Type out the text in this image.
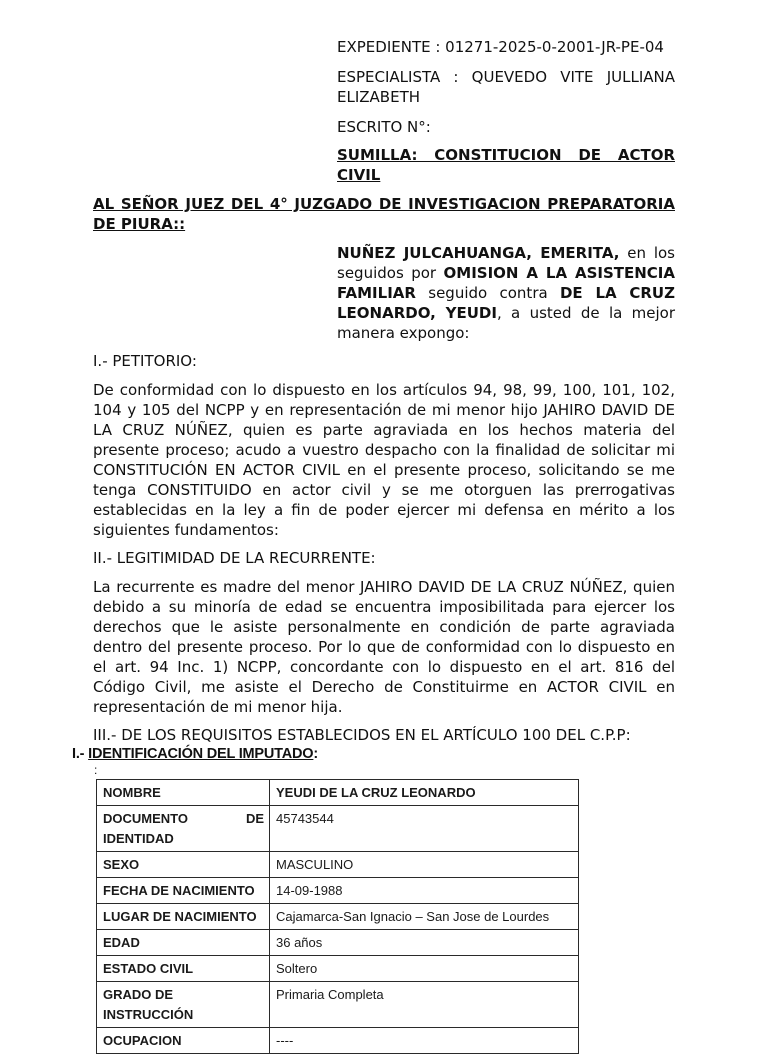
EXPEDIENTE : 01271-2025-0-2001-JR-PE-04
ESPECIALISTA : QUEVEDO VITE JULLIANA ELIZABETH
ESCRITO N°:
SUMILLA: CONSTITUCION DE ACTOR CIVIL
AL SEÑOR JUEZ DEL 4° JUZGADO DE INVESTIGACION PREPARATORIA DE PIURA::
NUÑEZ JULCAHUANGA, EMERITA, en los seguidos por OMISION A LA ASISTENCIA FAMILIAR seguido contra DE LA CRUZ LEONARDO, YEUDI, a usted de la mejor manera expongo:
I.- PETITORIO:
De conformidad con lo dispuesto en los artículos 94, 98, 99, 100, 101, 102, 104 y 105 del NCPP y en representación de mi menor hijo JAHIRO DAVID DE LA CRUZ NÚÑEZ, quien es parte agraviada en los hechos materia del presente proceso; acudo a vuestro despacho con la finalidad de solicitar mi CONSTITUCIÓN EN ACTOR CIVIL en el presente proceso, solicitando se me tenga CONSTITUIDO en actor civil y se me otorguen las prerrogativas establecidas en la ley a fin de poder ejercer mi defensa en mérito a los siguientes fundamentos:
II.- LEGITIMIDAD DE LA RECURRENTE:
La recurrente es madre del menor JAHIRO DAVID DE LA CRUZ NÚÑEZ, quien debido a su minoría de edad se encuentra imposibilitada para ejercer los derechos que le asiste personalmente en condición de parte agraviada dentro del presente proceso. Por lo que de conformidad con lo dispuesto en el art. 94 Inc. 1) NCPP, concordante con lo dispuesto en el art. 816 del Código Civil, me asiste el Derecho de Constituirme en ACTOR CIVIL en representación de mi menor hija.
III.- DE LOS REQUISITOS ESTABLECIDOS EN EL ARTÍCULO 100 DEL C.P.P:
I.- IDENTIFICACIÓN DEL IMPUTADO:
:
NOMBRE	YEUDI DE LA CRUZ LEONARDO

DOCUMENTO DE
IDENTIDAD	45743544
SEXO	MASCULINO
FECHA DE NACIMIENTO	14-09-1988
LUGAR DE NACIMIENTO	Cajamarca-San Ignacio – San Jose de Lourdes
EDAD	36 años
ESTADO CIVIL	Soltero
GRADO DE INSTRUCCIÓN	Primaria Completa
OCUPACION	----
